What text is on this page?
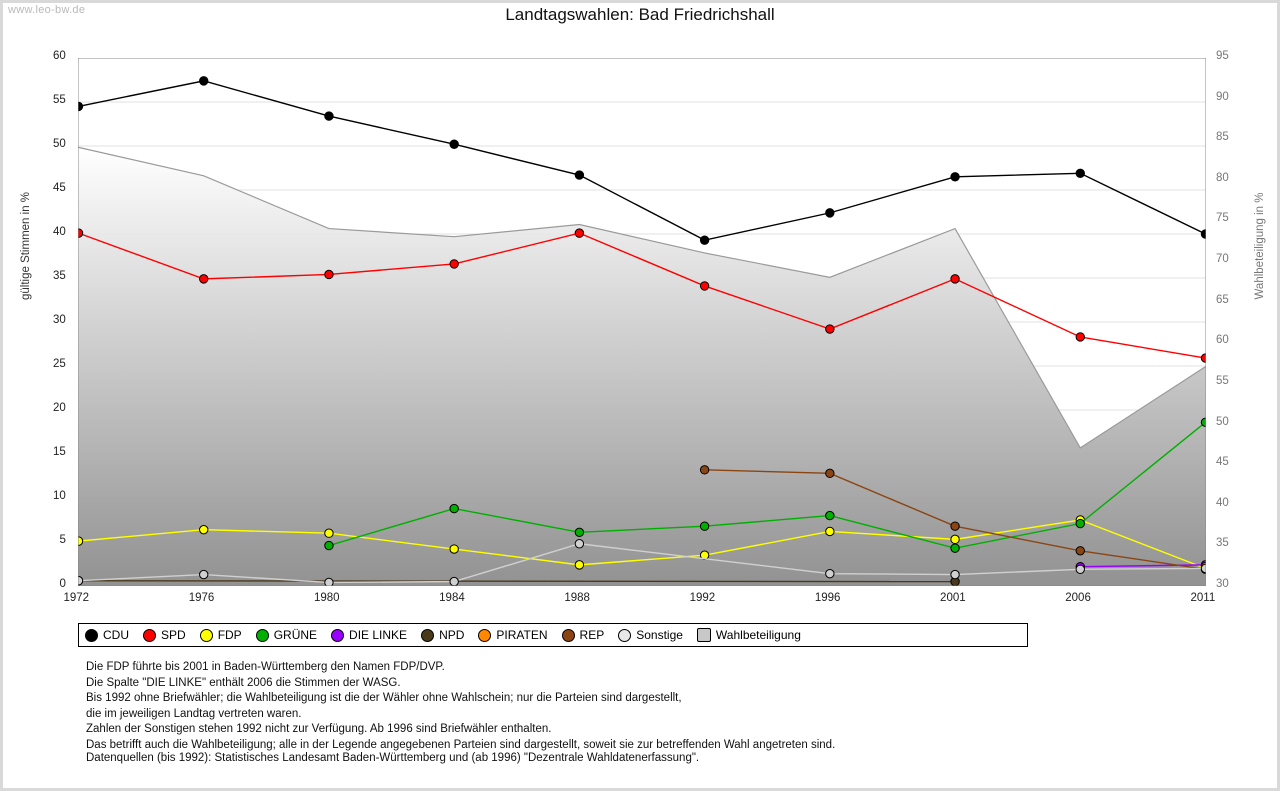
www.leo-bw.de	Landtagswahlen: Bad Friedrichshall
gültige Stimmen in %	Wahlbeteiligung in %
CDU	SPD	FDP	GRÜNE	DIE LINKE	NPD	PIRATEN	REP	Sonstige	Wahlbeteiligung
Die FDP führte bis 2001 in Baden-Württemberg den Namen FDP/DVP.
Die Spalte "DIE LINKE" enthält 2006 die Stimmen der WASG.
Bis 1992 ohne Briefwähler; die Wahlbeteiligung ist die der Wähler ohne Wahlschein; nur die Parteien sind dargestellt,
die im jeweiligen Landtag vertreten waren.
Zahlen der Sonstigen stehen 1992 nicht zur Verfügung. Ab 1996 sind Briefwähler enthalten.
Das betrifft auch die Wahlbeteiligung; alle in der Legende angegebenen Parteien sind dargestellt, soweit sie zur betreffenden Wahl angetreten sind.
Datenquellen (bis 1992): Statistisches Landesamt Baden-Württemberg und (ab 1996) "Dezentrale Wahldatenerfassung".
0
5
10
15
20
25
30
35
40
45
50
55
60
30
35
40
45
50
55
60
65
70
75
80
85
90
95
1972	1976	1980	1984	1988	1992	1996	2001	2006	2011
